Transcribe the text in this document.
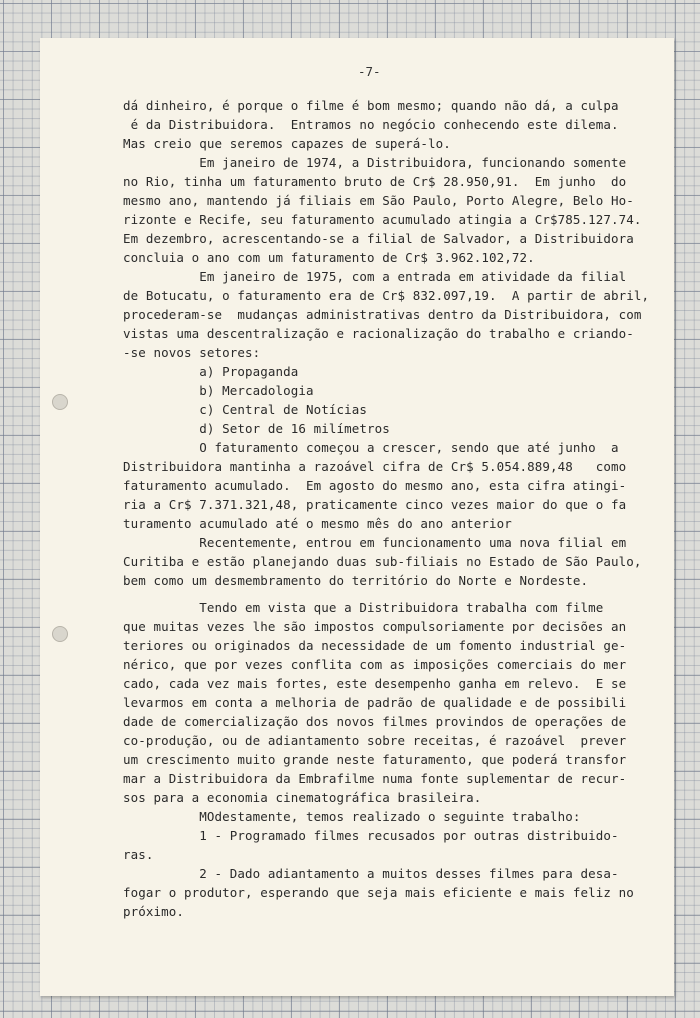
-7-
dá dinheiro, é porque o filme é bom mesmo; quando não dá, a culpa
é da Distribuidora.  Entramos no negócio conhecendo este dilema.
Mas creio que seremos capazes de superá-lo.
Em janeiro de 1974, a Distribuidora, funcionando somente
no Rio, tinha um faturamento bruto de Cr$ 28.950,91.  Em junho  do
mesmo ano, mantendo já filiais em São Paulo, Porto Alegre, Belo Ho-
rizonte e Recife, seu faturamento acumulado atingia a Cr$785.127.74.
Em dezembro, acrescentando-se a filial de Salvador, a Distribuidora
concluia o ano com um faturamento de Cr$ 3.962.102,72.
Em janeiro de 1975, com a entrada em atividade da filial
de Botucatu, o faturamento era de Cr$ 832.097,19.  A partir de abril,
procederam-se  mudanças administrativas dentro da Distribuidora, com
vistas uma descentralização e racionalização do trabalho e criando-
-se novos setores:
a) Propaganda
b) Mercadologia
c) Central de Notícias
d) Setor de 16 milímetros
O faturamento começou a crescer, sendo que até junho  a
Distribuidora mantinha a razoável cifra de Cr$ 5.054.889,48   como
faturamento acumulado.  Em agosto do mesmo ano, esta cifra atingi-
ria a Cr$ 7.371.321,48, praticamente cinco vezes maior do que o fa
turamento acumulado até o mesmo mês do ano anterior
Recentemente, entrou em funcionamento uma nova filial em
Curitiba e estão planejando duas sub-filiais no Estado de São Paulo,
bem como um desmembramento do território do Norte e Nordeste.
Tendo em vista que a Distribuidora trabalha com filme
que muitas vezes lhe são impostos compulsoriamente por decisões an
teriores ou originados da necessidade de um fomento industrial ge-
nérico, que por vezes conflita com as imposições comerciais do mer
cado, cada vez mais fortes, este desempenho ganha em relevo.  E se
levarmos em conta a melhoria de padrão de qualidade e de possibili
dade de comercialização dos novos filmes provindos de operações de
co-produção, ou de adiantamento sobre receitas, é razoável  prever
um crescimento muito grande neste faturamento, que poderá transfor
mar a Distribuidora da Embrafilme numa fonte suplementar de recur-
sos para a economia cinematográfica brasileira.
MOdestamente, temos realizado o seguinte trabalho:
1 - Programado filmes recusados por outras distribuido-
ras.
2 - Dado adiantamento a muitos desses filmes para desa-
fogar o produtor, esperando que seja mais eficiente e mais feliz no
próximo.
